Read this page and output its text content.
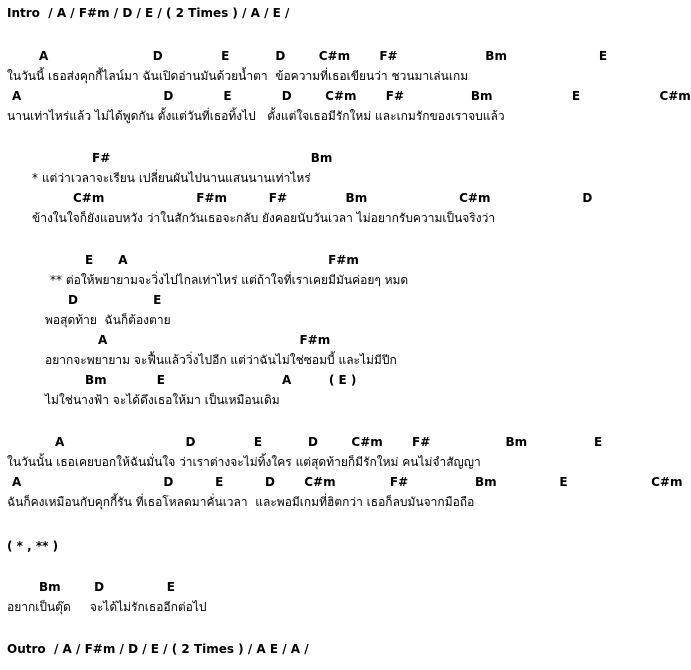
Intro  / A / F#m / D / E / ( 2 Times ) / A / E /
A                         D              E           D        C#m       F#                     Bm                      E
ในวันนี้ เธอส่งคุกกี้ไลน์มา ฉันเปิดอ่านมันด้วยน้ำตา  ข้อความที่เธอเขียนว่า ชวนมาเล่นเกม
A                                  D            E            D        C#m       F#                Bm                   E                   C#m
นานเท่าไหร่แล้ว ไม่ได้พูดกัน ตั้งแต่วันที่เธอทิ้งไป   ตั้งแต่ใจเธอมีรักใหม่ และเกมรักของเราจบแล้ว
F#                                                Bm
* แต่ว่าเวลาจะเรียน เปลี่ยนผันไปนานแสนนานเท่าไหร่
C#m                      F#m          F#              Bm                      C#m                      D
ข้างในใจก็ยังแอบหวัง ว่าในสักวันเธอจะกลับ ยังคอยนับวันเวลา ไม่อยากรับความเป็นจริงว่า
E      A                                                F#m
** ต่อให้พยายามจะวิ่งไปไกลเท่าไหร่ แต่ถ้าใจที่เราเคยมีมันค่อยๆ หมด
D                  E
พอสุดท้าย  ฉันก็ต้องตาย
A                                              F#m
อยากจะพยายาม จะฟื้นแล้ววิ่งไปอีก แต่ว่าฉันไม่ใช่ซอมบี้ และไม่มีปีก
Bm            E                            A         ( E )
ไม่ใช่นางฟ้า จะได้ดึงเธอให้มา เป็นเหมือนเดิม
A                             D              E           D        C#m       F#                  Bm                E
ในวันนั้น เธอเคยบอกให้ฉันมั่นใจ ว่าเราต่างจะไม่ทิ้งใคร แต่สุดท้ายก็มีรักใหม่ คนไม่จำสัญญา
A                                  D          E          D       C#m             F#                Bm               E                    C#m
ฉันก็คงเหมือนกับคุกกี้รัน ที่เธอโหลดมาคั่นเวลา  และพอมีเกมที่ฮิตกว่า เธอก็ลบมันจากมือถือ
( * , ** )
Bm        D               E
อยากเป็นตุ๊ด     จะได้ไม่รักเธออีกต่อไป
Outro  / A / F#m / D / E / ( 2 Times ) / A E / A /
